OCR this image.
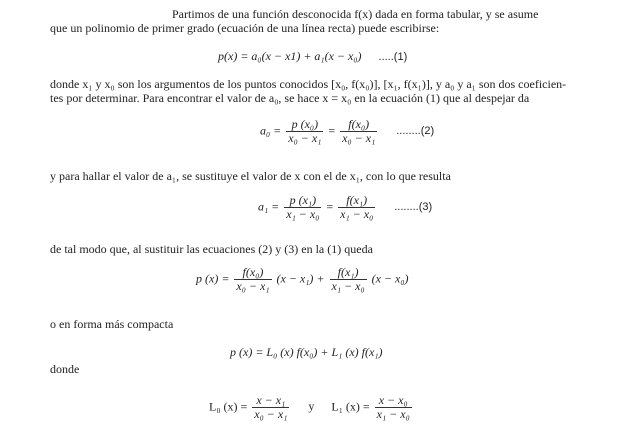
Partimos de una función desconocida f(x) dada en forma tabular, y se asume
que un polinomio de primer grado (ecuación de una línea recta) puede escribirse:
p(x) = a₀(x − x1) + a₁(x − x₀) .....(1)
donde x₁ y x₀ son los argumentos de los puntos conocidos [x₀, f(x₀)], [x₁, f(x₁)], y a₀ y a₁ son dos coeficien-
tes por determinar. Para encontrar el valor de a₀, se hace x = x₀ en la ecuación (1) que al despejar da
$a_0 = \frac{\text{p (x₀)}}{\text{x₀ − x₁}} = \frac{\text{f(x₀)}}{\text{x₀ − x₁}} ........(2)$
y para hallar el valor de a₁, se sustituye el valor de x con el de x₁, con lo que resulta
$a_1 = \frac{\text{p (x₁)}}{\text{x₁ − x₀}} = \frac{\text{f(x₁)}}{\text{x₁ − x₀}} ........(3)$
de tal modo que, al sustituir las ecuaciones (2) y (3) en la (1) queda
p $(x) = \frac{\text{f(x₀)}}{\text{x₀ − x₁}} (x - x_1) + \frac{\text{f(x₁)}}{\text{x₁ − x₀}} (x - x_0)$
o en forma más compacta
p (x) = L₀ (x) f(x₀) + L₁ (x) f(x₁)
donde
L₀ $(x) = \frac{\text{x − x₁}}{\text{x₀ − x₁}}$ y L₁ $(x) = \frac{\text{x − x₀}}{\text{x₁ − x₀}}$
